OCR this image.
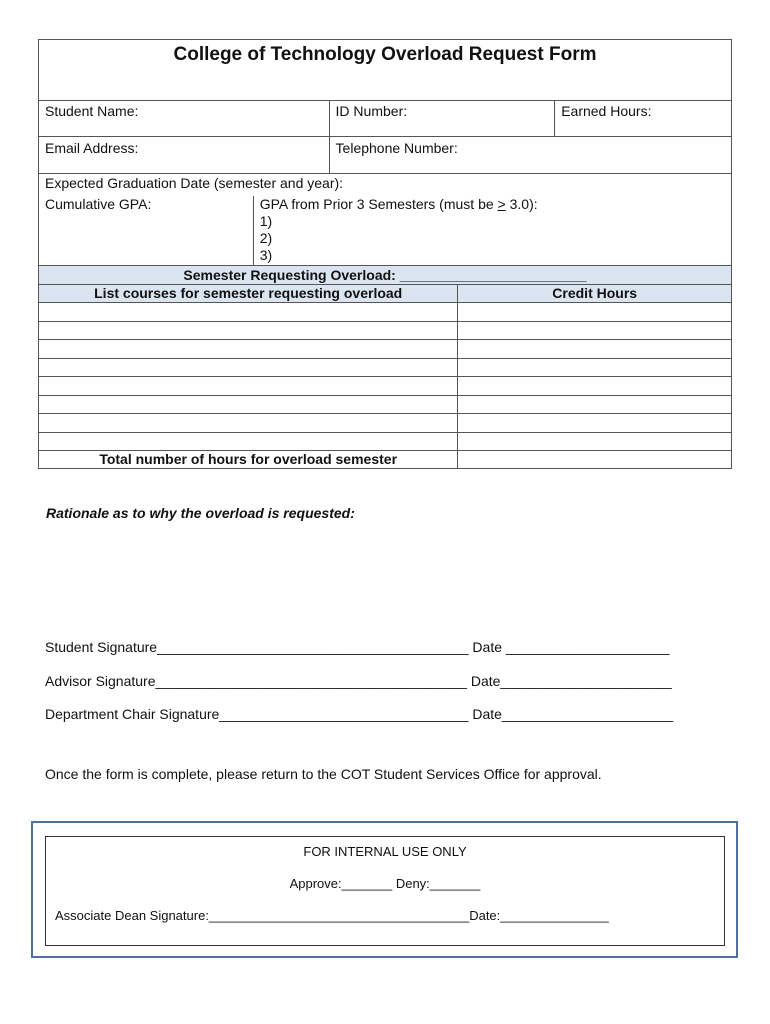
College of Technology Overload Request Form				
Student Name:		ID Number:		Earned Hours:
Email Address:		Telephone Number:		
Expected Graduation Date (semester and year):				
Cumulative GPA:	GPA from Prior 3 Semesters (must be ≥ 3.0):
1)
2)
3)			

Semester Requesting Overload: ________________________				
List courses for semester requesting overload			Credit Hours	

Total number of hours for overload semester				
Rationale as to why the overload is requested:
Student Signature________________________________________ Date _____________________
Advisor Signature________________________________________ Date______________________
Department Chair Signature________________________________ Date______________________
Once the form is complete, please return to the COT Student Services Office for approval.
FOR INTERNAL USE ONLY
Approve:_______ Deny:_______
Associate Dean Signature:____________________________________Date:_______________
